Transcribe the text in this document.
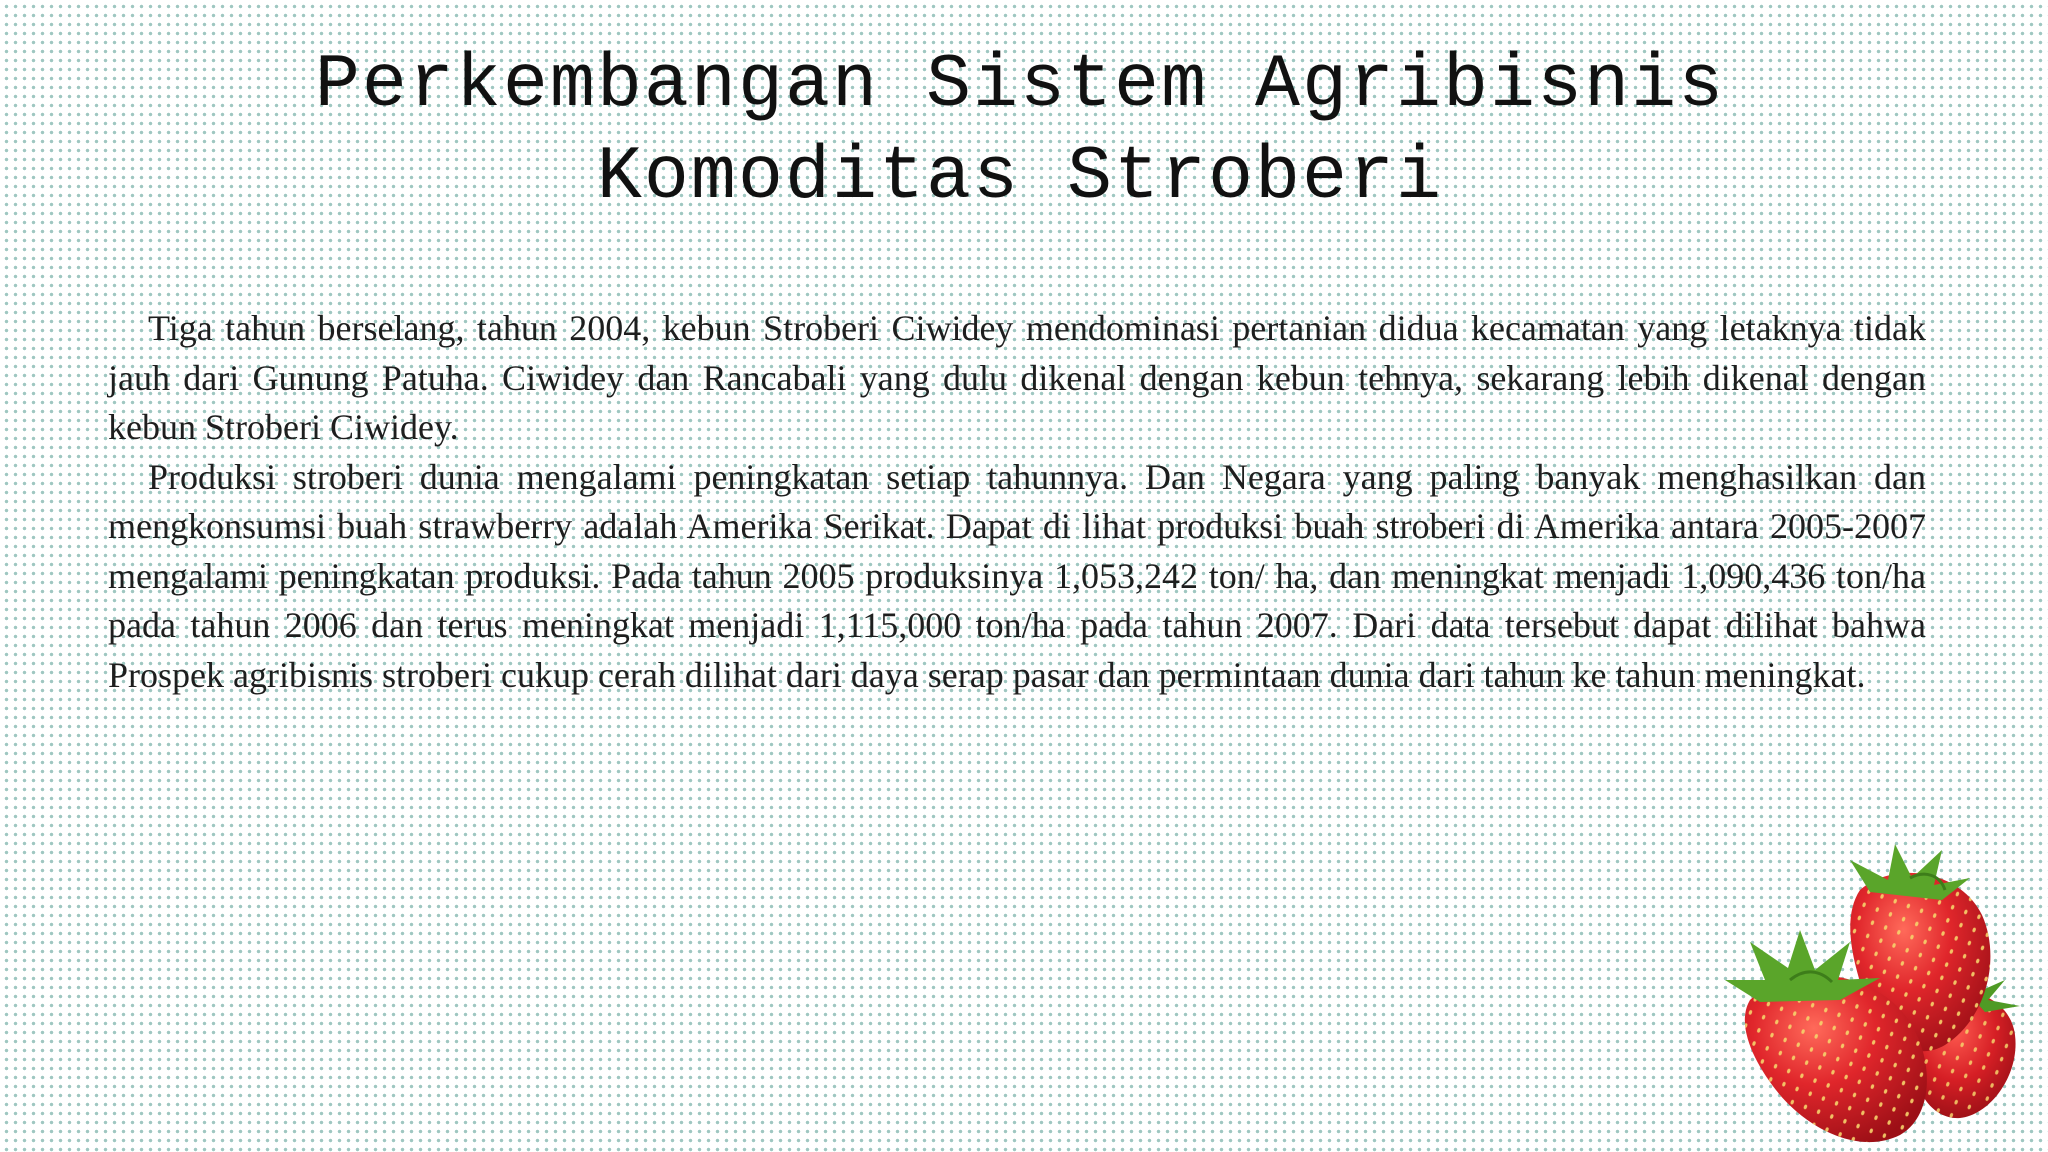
Perkembangan Sistem Agribisnis
Komoditas Stroberi

Tiga tahun berselang, tahun 2004, kebun Stroberi Ciwidey mendominasi pertanian didua kecamatan yang letaknya tidak jauh dari Gunung Patuha. Ciwidey dan Rancabali yang dulu dikenal dengan kebun tehnya, sekarang lebih dikenal dengan kebun Stroberi Ciwidey.

Produksi stroberi dunia mengalami peningkatan setiap tahunnya. Dan Negara yang paling banyak menghasilkan dan mengkonsumsi buah strawberry adalah Amerika Serikat. Dapat di lihat produksi buah stroberi di Amerika antara 2005-2007 mengalami peningkatan produksi. Pada tahun 2005 produksinya 1,053,242 ton/ ha, dan meningkat menjadi 1,090,436 ton/ha pada tahun 2006 dan terus meningkat menjadi 1,115,000 ton/ha pada tahun 2007. Dari data tersebut dapat dilihat bahwa Prospek agribisnis stroberi cukup cerah dilihat dari daya serap pasar dan permintaan dunia dari tahun ke tahun meningkat.
